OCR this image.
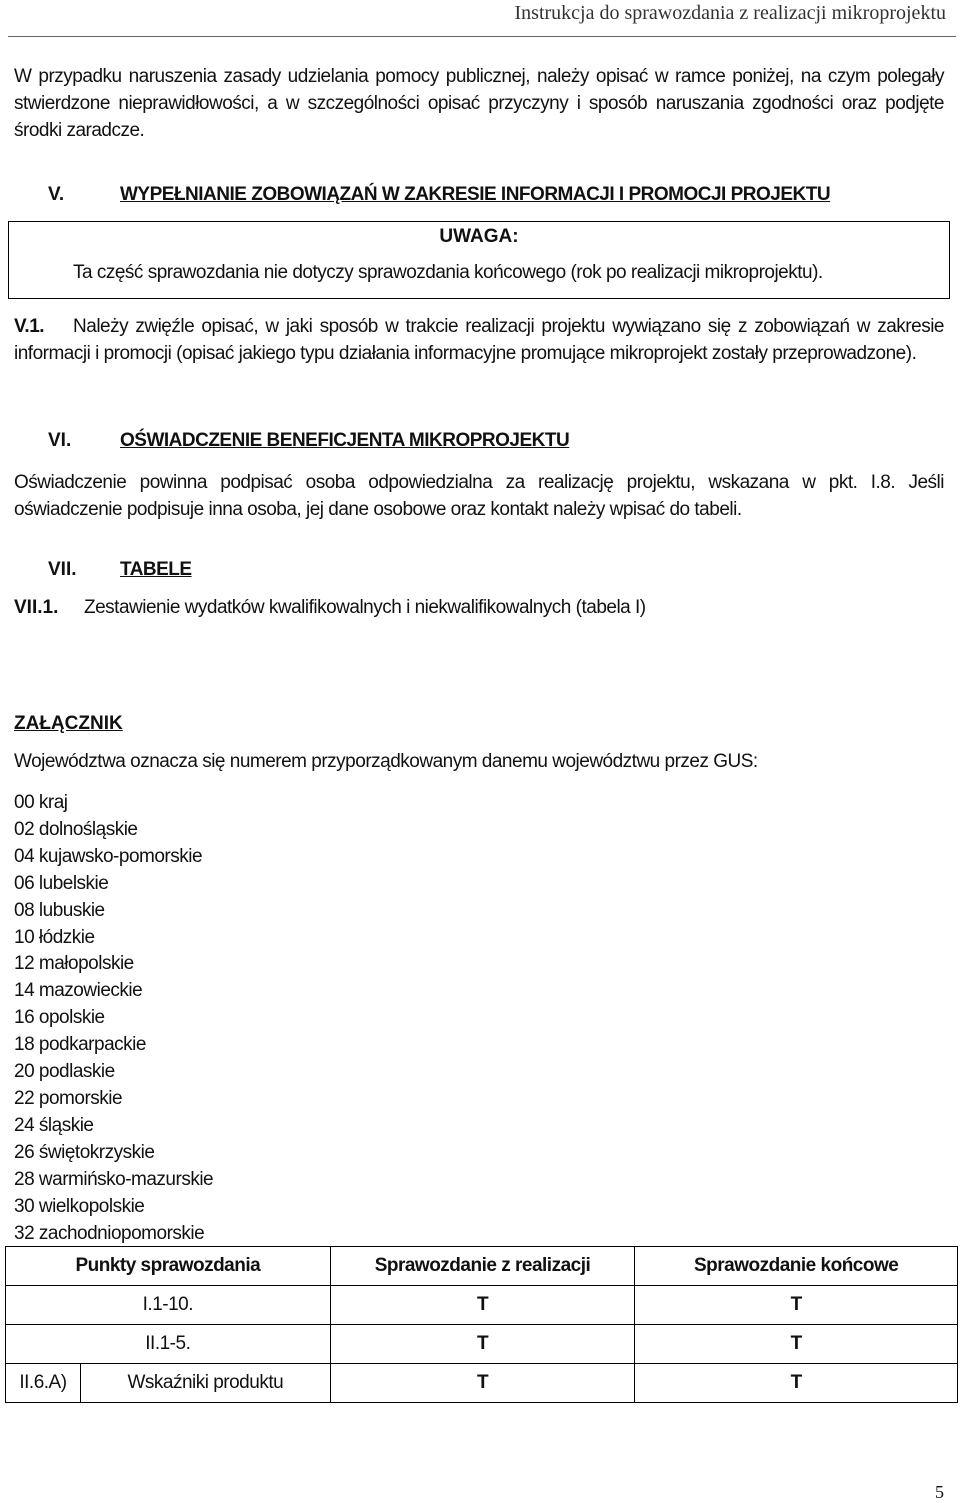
Instrukcja do sprawozdania z realizacji mikroprojektu
W przypadku naruszenia zasady udzielania pomocy publicznej, należy opisać w ramce poniżej, na czym polegały stwierdzone nieprawidłowości, a w szczególności opisać przyczyny i sposób naruszania zgodności oraz podjęte środki zaradcze.
V.	WYPEŁNIANIE ZOBOWIĄZAŃ W ZAKRESIE INFORMACJI I PROMOCJI PROJEKTU
UWAGA:
Ta część sprawozdania nie dotyczy sprawozdania końcowego (rok po realizacji mikroprojektu).
V.1. Należy zwięźle opisać, w jaki sposób w trakcie realizacji projektu wywiązano się z zobowiązań w zakresie informacji i promocji (opisać jakiego typu działania informacyjne promujące mikroprojekt zostały przeprowadzone).
VI.	OŚWIADCZENIE BENEFICJENTA MIKROPROJEKTU
Oświadczenie powinna podpisać osoba odpowiedzialna za realizację projektu, wskazana w pkt. I.8. Jeśli oświadczenie podpisuje inna osoba, jej dane osobowe oraz kontakt należy wpisać do tabeli.
VII. TABELE
VII.1. Zestawienie wydatków kwalifikowalnych i niekwalifikowalnych (tabela I)
ZAŁĄCZNIK
Województwa oznacza się numerem przyporządkowanym danemu województwu przez GUS:
00 kraj
02 dolnośląskie
04 kujawsko-pomorskie
06 lubelskie
08 lubuskie
10 łódzkie
12 małopolskie
14 mazowieckie
16 opolskie
18 podkarpackie
20 podlaskie
22 pomorskie
24 śląskie
26 świętokrzyskie
28 warmińsko-mazurskie
30 wielkopolskie
32 zachodniopomorskie
Punkty sprawozdania		Sprawozdanie z realizacji	Sprawozdanie końcowe
I.1-10.		T	T
II.1-5.		T	T
II.6.A)	Wskaźniki produktu	T	T
5
